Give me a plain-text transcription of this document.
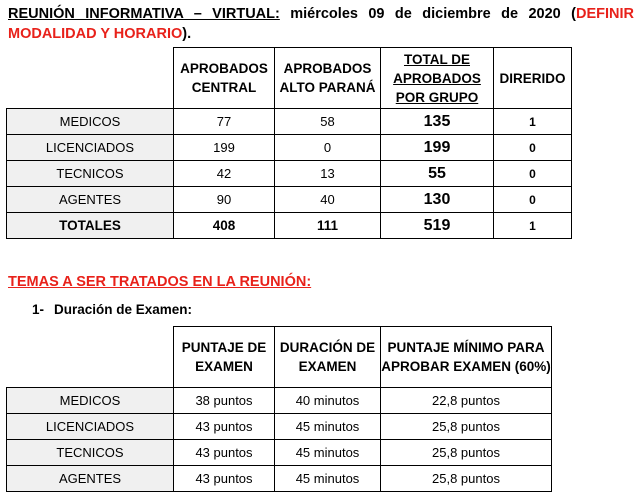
REUNIÓN INFORMATIVA – VIRTUAL: miércoles 09 de diciembre de 2020 (DEFINIR MODALIDAD Y HORARIO).
	APROBADOS CENTRAL	APROBADOS ALTO PARANÁ	TOTAL DE APROBADOS POR GRUPO	DIRERIDO
MEDICOS	77	58	135	1
LICENCIADOS	199	0	199	0
TECNICOS	42	13	55	0
AGENTES	90	40	130	0
TOTALES	408	111	519	1
TEMAS A SER TRATADOS EN LA REUNIÓN:
1- Duración de Examen:
	PUNTAJE DE EXAMEN	DURACIÓN DE EXAMEN	PUNTAJE MÍNIMO PARA APROBAR EXAMEN (60%)
MEDICOS	38 puntos	40 minutos	22,8 puntos
LICENCIADOS	43 puntos	45 minutos	25,8 puntos
TECNICOS	43 puntos	45 minutos	25,8 puntos
AGENTES	43 puntos	45 minutos	25,8 puntos
